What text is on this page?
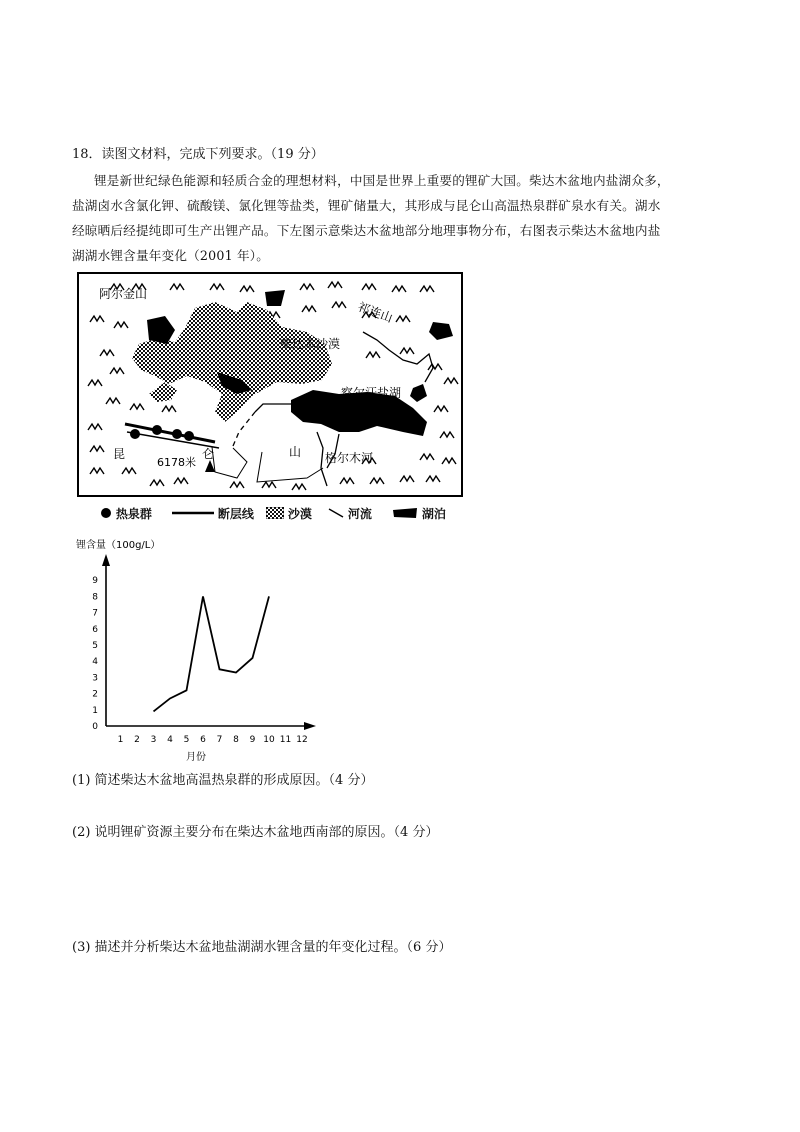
18．读图文材料，完成下列要求。（19 分）
锂是新世纪绿色能源和轻质合金的理想材料，中国是世界上重要的锂矿大国。柴达木盆地内盐湖众多，
盐湖卤水含氯化钾、硫酸镁、氯化锂等盐类，锂矿储量大，其形成与昆仑山高温热泉群矿泉水有关。湖水
经晾晒后经提纯即可生产出锂产品。下左图示意柴达木盆地部分地理事物分布，右图表示柴达木盆地内盐
湖湖水锂含量年变化（2001 年）。
阿尔金山
祁连山
柴达木沙漠
察尔汗盐湖
昆	仑	山
6178米	格尔木河
热泉群	断层线	沙漠	河流	湖泊
锂含量（100g/L）
月份
0
1
2
3
4
5
6
7
8
9
1 2 3 4 5 6 7 8 9 10 11 12
(1) 简述柴达木盆地高温热泉群的形成原因。（4 分）
(2) 说明锂矿资源主要分布在柴达木盆地西南部的原因。（4 分）
(3) 描述并分析柴达木盆地盐湖湖水锂含量的年变化过程。（6 分）
